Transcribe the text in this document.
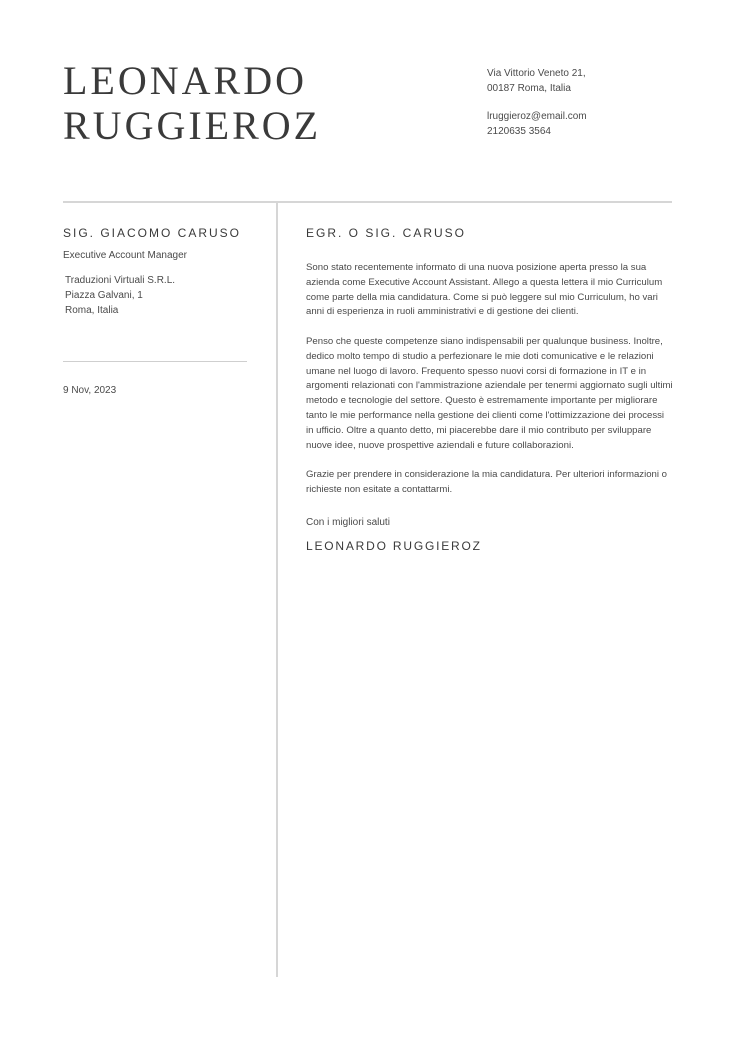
LEONARDO
RUGGIEROZ
Via Vittorio Veneto 21,
00187 Roma, Italia
lruggieroz@email.com
2120635 3564
SIG. GIACOMO CARUSO
Executive Account Manager
Traduzioni Virtuali S.R.L.
Piazza Galvani, 1
Roma, Italia
9 Nov, 2023
EGR. O SIG. CARUSO

Sono stato recentemente informato di una nuova posizione aperta presso la sua azienda come Executive Account Assistant. Allego a questa lettera il mio Curriculum come parte della mia candidatura. Come si può leggere sul mio Curriculum, ho vari anni di esperienza in ruoli amministrativi e di gestione dei clienti.

Penso che queste competenze siano indispensabili per qualunque business. Inoltre, dedico molto tempo di studio a perfezionare le mie doti comunicative e le relazioni umane nel luogo di lavoro. Frequento spesso nuovi corsi di formazione in IT e in argomenti relazionati con l'ammistrazione aziendale per tenermi aggiornato sugli ultimi metodo e tecnologie del settore. Questo è estremamente importante per migliorare tanto le mie performance nella gestione dei clienti come l'ottimizzazione dei processi in ufficio. Oltre a quanto detto, mi piacerebbe dare il mio contributo per sviluppare nuove idee, nuove prospettive aziendali e future collaborazioni.

Grazie per prendere in considerazione la mia candidatura. Per ulteriori informazioni o richieste non esitate a contattarmi.

Con i migliori saluti
LEONARDO RUGGIEROZ
